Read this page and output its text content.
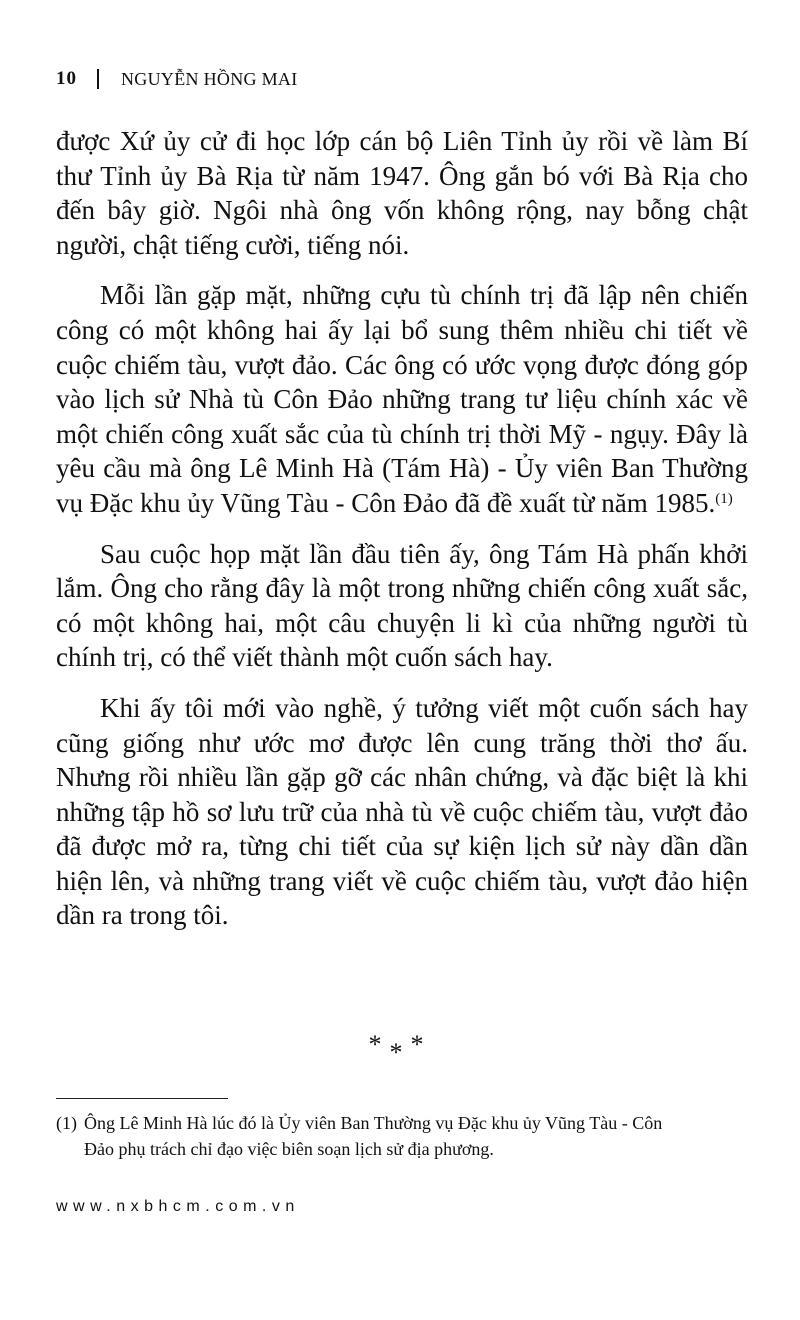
10 NGUYỄN HỒNG MAI

được Xứ ủy cử đi học lớp cán bộ Liên Tỉnh ủy rồi về làm Bí thư Tỉnh ủy Bà Rịa từ năm 1947. Ông gắn bó với Bà Rịa cho đến bây giờ. Ngôi nhà ông vốn không rộng, nay bỗng chật người, chật tiếng cười, tiếng nói.

Mỗi lần gặp mặt, những cựu tù chính trị đã lập nên chiến công có một không hai ấy lại bổ sung thêm nhiều chi tiết về cuộc chiếm tàu, vượt đảo. Các ông có ước vọng được đóng góp vào lịch sử Nhà tù Côn Đảo những trang tư liệu chính xác về một chiến công xuất sắc của tù chính trị thời Mỹ - ngụy. Đây là yêu cầu mà ông Lê Minh Hà (Tám Hà) - Ủy viên Ban Thường vụ Đặc khu ủy Vũng Tàu - Côn Đảo đã đề xuất từ năm 1985.$^{(1)}$

Sau cuộc họp mặt lần đầu tiên ấy, ông Tám Hà phấn khởi lắm. Ông cho rằng đây là một trong những chiến công xuất sắc, có một không hai, một câu chuyện li kì của những người tù chính trị, có thể viết thành một cuốn sách hay.

Khi ấy tôi mới vào nghề, ý tưởng viết một cuốn sách hay cũng giống như ước mơ được lên cung trăng thời thơ ấu. Nhưng rồi nhiều lần gặp gỡ các nhân chứng, và đặc biệt là khi những tập hồ sơ lưu trữ của nhà tù về cuộc chiếm tàu, vượt đảo đã được mở ra, từng chi tiết của sự kiện lịch sử này dần dần hiện lên, và những trang viết về cuộc chiếm tàu, vượt đảo hiện dần ra trong tôi.

***
(1) Ông Lê Minh Hà lúc đó là Ủy viên Ban Thường vụ Đặc khu ủy Vũng Tàu - Côn
Đảo phụ trách chỉ đạo việc biên soạn lịch sử địa phương.
www.nxbhcm.com.vn
